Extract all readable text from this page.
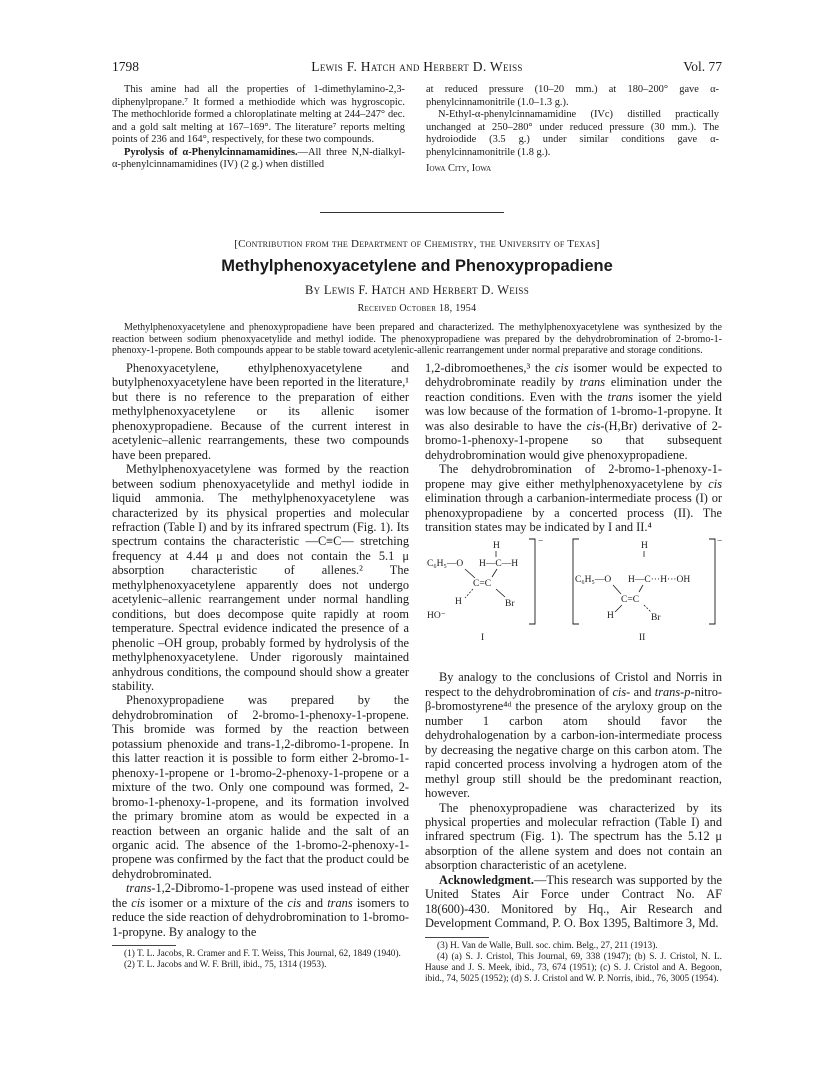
1798	Lewis F. Hatch and Herbert D. Weiss	Vol. 77

This amine had all the properties of 1-dimethylamino-2,3-diphenylpropane.⁷ It formed a methiodide which was hygroscopic. The methochloride formed a chloroplatinate melting at 244–247° dec. and a gold salt melting at 167–169°. The literature⁷ reports melting points of 236 and 164°, respectively, for these two compounds.

Pyrolysis of α-Phenylcinnamamidines.—All three N,N-dialkyl-α-phenylcinnamamidines (IV) (2 g.) when distilled

at reduced pressure (10–20 mm.) at 180–200° gave α-phenylcinnamonitrile (1.0–1.3 g.).

N-Ethyl-α-phenylcinnamamidine (IVc) distilled practically unchanged at 250–280° under reduced pressure (30 mm.). The hydroiodide (3.5 g.) under similar conditions gave α-phenylcinnamonitrile (1.8 g.).

Iowa City, Iowa

[Contribution from the Department of Chemistry, the University of Texas]
Methylphenoxyacetylene and Phenoxypropadiene
By Lewis F. Hatch and Herbert D. Weiss
Received October 18, 1954
Methylphenoxyacetylene and phenoxypropadiene have been prepared and characterized. The methylphenoxyacetylene was synthesized by the reaction between sodium phenoxyacetylide and methyl iodide. The phenoxypropadiene was prepared by the dehydrobromination of 2-bromo-1-phenoxy-1-propene. Both compounds appear to be stable toward acetylenic-allenic rearrangement under normal preparative and storage conditions.

Phenoxyacetylene, ethylphenoxyacetylene and butylphenoxyacetylene have been reported in the literature,¹ but there is no reference to the preparation of either methylphenoxyacetylene or its allenic isomer phenoxypropadiene. Because of the current interest in acetylenic–allenic rearrangements, these two compounds have been prepared.

Methylphenoxyacetylene was formed by the reaction between sodium phenoxyacetylide and methyl iodide in liquid ammonia. The methylphenoxyacetylene was characterized by its physical properties and molecular refraction (Table I) and by its infrared spectrum (Fig. 1). Its spectrum contains the characteristic —C≡C— stretching frequency at 4.44 μ and does not contain the 5.1 μ absorption characteristic of allenes.² The methylphenoxyacetylene apparently does not undergo acetylenic–allenic rearrangement under normal handling conditions, but does decompose quite rapidly at room temperature. Spectral evidence indicated the presence of a phenolic –OH group, probably formed by hydrolysis of the methylphenoxyacetylene. Under rigorously maintained anhydrous conditions, the compound should show a greater stability.

Phenoxypropadiene was prepared by the dehydrobromination of 2-bromo-1-phenoxy-1-propene. This bromide was formed by the reaction between potassium phenoxide and trans-1,2-dibromo-1-propene. In this latter reaction it is possible to form either 2-bromo-1-phenoxy-1-propene or 1-bromo-2-phenoxy-1-propene or a mixture of the two. Only one compound was formed, 2-bromo-1-phenoxy-1-propene, and its formation involved the primary bromine atom as would be expected in a reaction between an organic halide and the salt of an organic acid. The absence of the 1-bromo-2-phenoxy-1-propene was confirmed by the fact that the product could be dehydrobrominated.

trans-1,2-Dibromo-1-propene was used instead of either the cis isomer or a mixture of the cis and trans isomers to reduce the side reaction of dehydrobromination to 1-bromo-1-propyne. By analogy to the

(1) T. L. Jacobs, R. Cramer and F. T. Weiss, This Journal, 62, 1849 (1940).

(2) T. L. Jacobs and W. F. Brill, ibid., 75, 1314 (1953).

1,2-dibromoethenes,³ the cis isomer would be expected to dehydrobrominate readily by trans elimination under the reaction conditions. Even with the trans isomer the yield was low because of the formation of 1-bromo-1-propyne. It was also desirable to have the cis-(H,Br) derivative of 2-bromo-1-phenoxy-1-propene so that subsequent dehydrobromination would give phenoxypropadiene.

The dehydrobromination of 2-bromo-1-phenoxy-1-propene may give either methylphenoxyacetylene by cis elimination through a carbanion-intermediate process (I) or phenoxypropadiene by a concerted process (II). The transition states may be indicated by I and II.⁴

H
C₆H₅—O H—C—H
C=C
H	Br
HO⁻
−
I
H
C₆H₅—O H—C···H···OH
C=C
H	Br
−
II

By analogy to the conclusions of Cristol and Norris in respect to the dehydrobromination of cis- and trans-p-nitro-β-bromostyrene⁴ᵈ the presence of the aryloxy group on the number 1 carbon atom should favor the dehydrohalogenation by a carbon-ion-intermediate process by decreasing the negative charge on this carbon atom. The rapid concerted process involving a hydrogen atom of the methyl group still should be the predominant reaction, however.

The phenoxypropadiene was characterized by its physical properties and molecular refraction (Table I) and infrared spectrum (Fig. 1). The spectrum has the 5.12 μ absorption of the allene system and does not contain an absorption characteristic of an acetylene.

Acknowledgment.—This research was supported by the United States Air Force under Contract No. AF 18(600)-430. Monitored by Hq., Air Research and Development Command, P. O. Box 1395, Baltimore 3, Md.

(3) H. Van de Walle, Bull. soc. chim. Belg., 27, 211 (1913).

(4) (a) S. J. Cristol, This Journal, 69, 338 (1947); (b) S. J. Cristol, N. L. Hause and J. S. Meek, ibid., 73, 674 (1951); (c) S. J. Cristol and A. Begoon, ibid., 74, 5025 (1952); (d) S. J. Cristol and W. P. Norris, ibid., 76, 3005 (1954).
